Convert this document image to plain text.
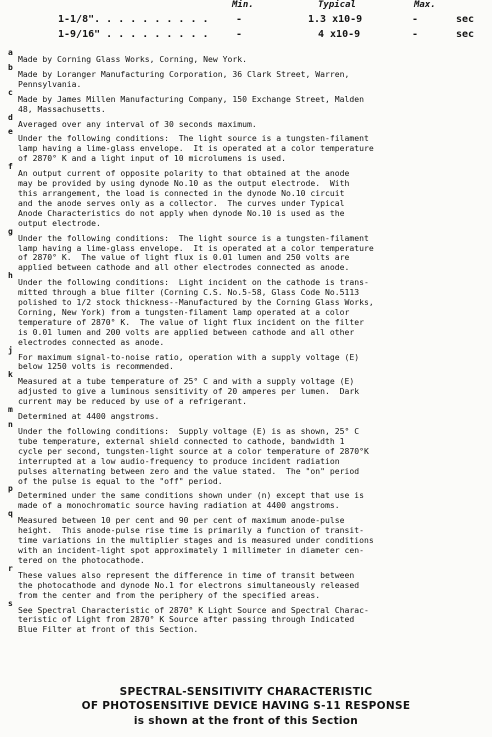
Min.	Typical	Max.
1-1/8". . . . . . . . . .	-	1.3 x10-9	-	sec
1-9/16" . . . . . . . . .	-	4 x10-9	-	sec
a
Made by Corning Glass Works, Corning, New York.
b
Made by Loranger Manufacturing Corporation, 36 Clark Street, Warren,
Pennsylvania.
c
Made by James Millen Manufacturing Company, 150 Exchange Street, Malden
48, Massachusetts.
d
Averaged over any interval of 30 seconds maximum.
e
Under the following conditions:  The light source is a tungsten-filament
lamp having a lime-glass envelope.  It is operated at a color temperature
of 2870° K and a light input of 10 microlumens is used.
f
An output current of opposite polarity to that obtained at the anode
may be provided by using dynode No.10 as the output electrode.  With
this arrangement, the load is connected in the dynode No.10 circuit
and the anode serves only as a collector.  The curves under Typical
Anode Characteristics do not apply when dynode No.10 is used as the
output electrode.
g
Under the following conditions:  The light source is a tungsten-filament
lamp having a lime-glass envelope.  It is operated at a color temperature
of 2870° K.  The value of light flux is 0.01 lumen and 250 volts are
applied between cathode and all other electrodes connected as anode.
h
Under the following conditions:  Light incident on the cathode is trans-
mitted through a blue filter (Corning C.S. No.5-58, Glass Code No.5113
polished to 1/2 stock thickness--Manufactured by the Corning Glass Works,
Corning, New York) from a tungsten-filament lamp operated at a color
temperature of 2870° K.  The value of light flux incident on the filter
is 0.01 lumen and 200 volts are applied between cathode and all other
electrodes connected as anode.
j
For maximum signal-to-noise ratio, operation with a supply voltage (E)
below 1250 volts is recommended.
k
Measured at a tube temperature of 25° C and with a supply voltage (E)
adjusted to give a luminous sensitivity of 20 amperes per lumen.  Dark
current may be reduced by use of a refrigerant.
m
Determined at 4400 angstroms.
n
Under the following conditions:  Supply voltage (E) is as shown, 25° C
tube temperature, external shield connected to cathode, bandwidth 1
cycle per second, tungsten-light source at a color temperature of 2870°K
interrupted at a low audio-frequency to produce incident radiation
pulses alternating between zero and the value stated.  The "on" period
of the pulse is equal to the "off" period.
p
Determined under the same conditions shown under (n) except that use is
made of a monochromatic source having radiation at 4400 angstroms.
q
Measured between 10 per cent and 90 per cent of maximum anode-pulse
height.  This anode-pulse rise time is primarily a function of transit-
time variations in the multiplier stages and is measured under conditions
with an incident-light spot approximately 1 millimeter in diameter cen-
tered on the photocathode.
r
These values also represent the difference in time of transit between
the photocathode and dynode No.1 for electrons simultaneously released
from the center and from the periphery of the specified areas.
s
See Spectral Characteristic of 2870° K Light Source and Spectral Charac-
teristic of Light from 2870° K Source after passing through Indicated
Blue Filter at front of this Section.
SPECTRAL-SENSITIVITY CHARACTERISTIC
OF PHOTOSENSITIVE DEVICE HAVING S-11 RESPONSE
is shown at the front of this Section
